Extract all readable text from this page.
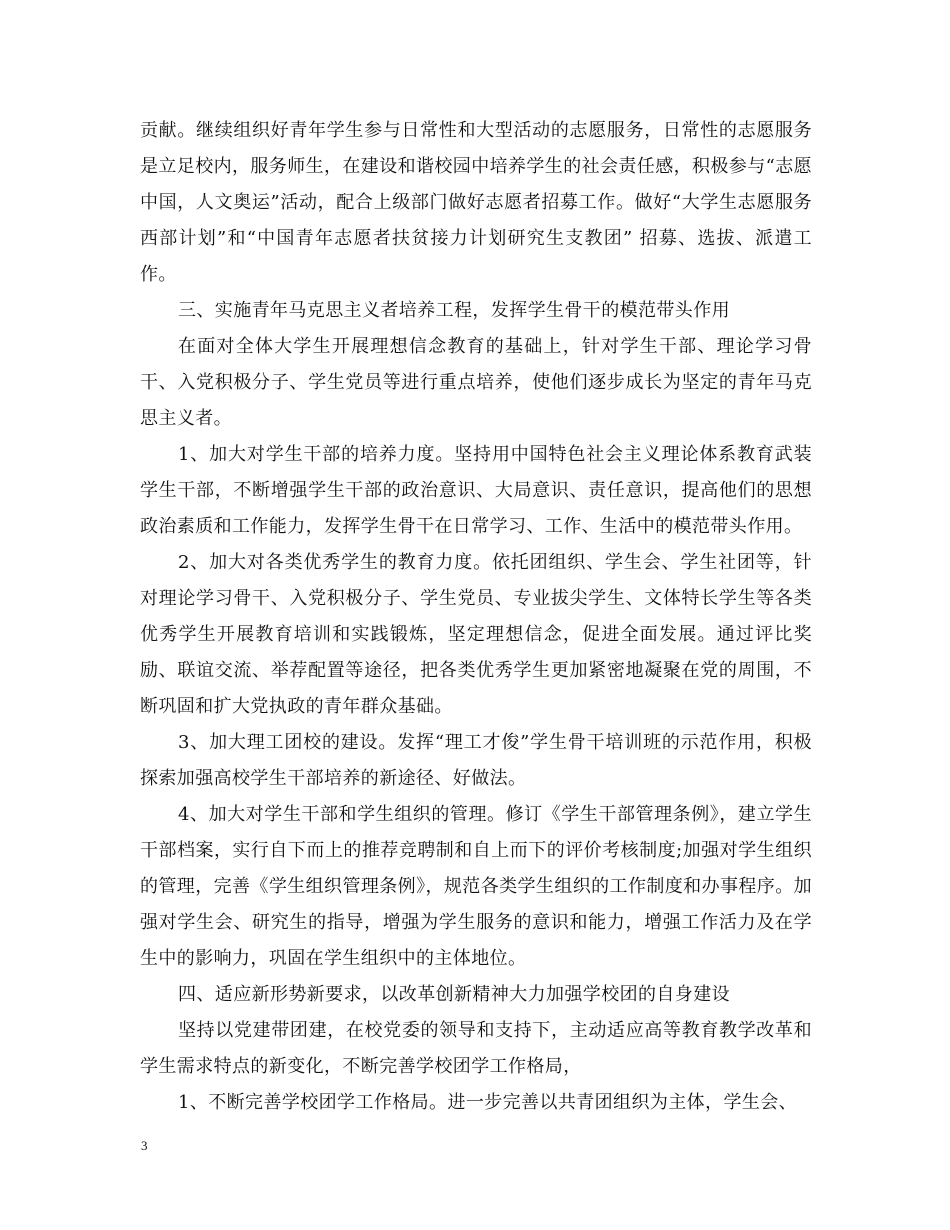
贡献。继续组织好青年学生参与日常性和大型活动的志愿服务，日常性的志愿服务是立足校内，服务师生，在建设和谐校园中培养学生的社会责任感，积极参与“志愿中国，人文奥运”活动，配合上级部门做好志愿者招募工作。做好“大学生志愿服务西部计划”和“中国青年志愿者扶贫接力计划研究生支教团” 招募、选拔、派遣工作。

三、实施青年马克思主义者培养工程，发挥学生骨干的模范带头作用

在面对全体大学生开展理想信念教育的基础上，针对学生干部、理论学习骨干、入党积极分子、学生党员等进行重点培养，使他们逐步成长为坚定的青年马克思主义者。

1、加大对学生干部的培养力度。坚持用中国特色社会主义理论体系教育武装学生干部，不断增强学生干部的政治意识、大局意识、责任意识，提高他们的思想政治素质和工作能力，发挥学生骨干在日常学习、工作、生活中的模范带头作用。

2、加大对各类优秀学生的教育力度。依托团组织、学生会、学生社团等，针对理论学习骨干、入党积极分子、学生党员、专业拔尖学生、文体特长学生等各类优秀学生开展教育培训和实践锻炼，坚定理想信念，促进全面发展。通过评比奖励、联谊交流、举荐配置等途径，把各类优秀学生更加紧密地凝聚在党的周围，不断巩固和扩大党执政的青年群众基础。

3、加大理工团校的建设。发挥“理工才俊”学生骨干培训班的示范作用，积极探索加强高校学生干部培养的新途径、好做法。

4、加大对学生干部和学生组织的管理。修订《学生干部管理条例》，建立学生干部档案，实行自下而上的推荐竞聘制和自上而下的评价考核制度;加强对学生组织的管理，完善《学生组织管理条例》，规范各类学生组织的工作制度和办事程序。加强对学生会、研究生的指导，增强为学生服务的意识和能力，增强工作活力及在学生中的影响力，巩固在学生组织中的主体地位。

四、适应新形势新要求，以改革创新精神大力加强学校团的自身建设

坚持以党建带团建，在校党委的领导和支持下，主动适应高等教育教学改革和学生需求特点的新变化，不断完善学校团学工作格局，

1、不断完善学校团学工作格局。进一步完善以共青团组织为主体，学生会、

3
